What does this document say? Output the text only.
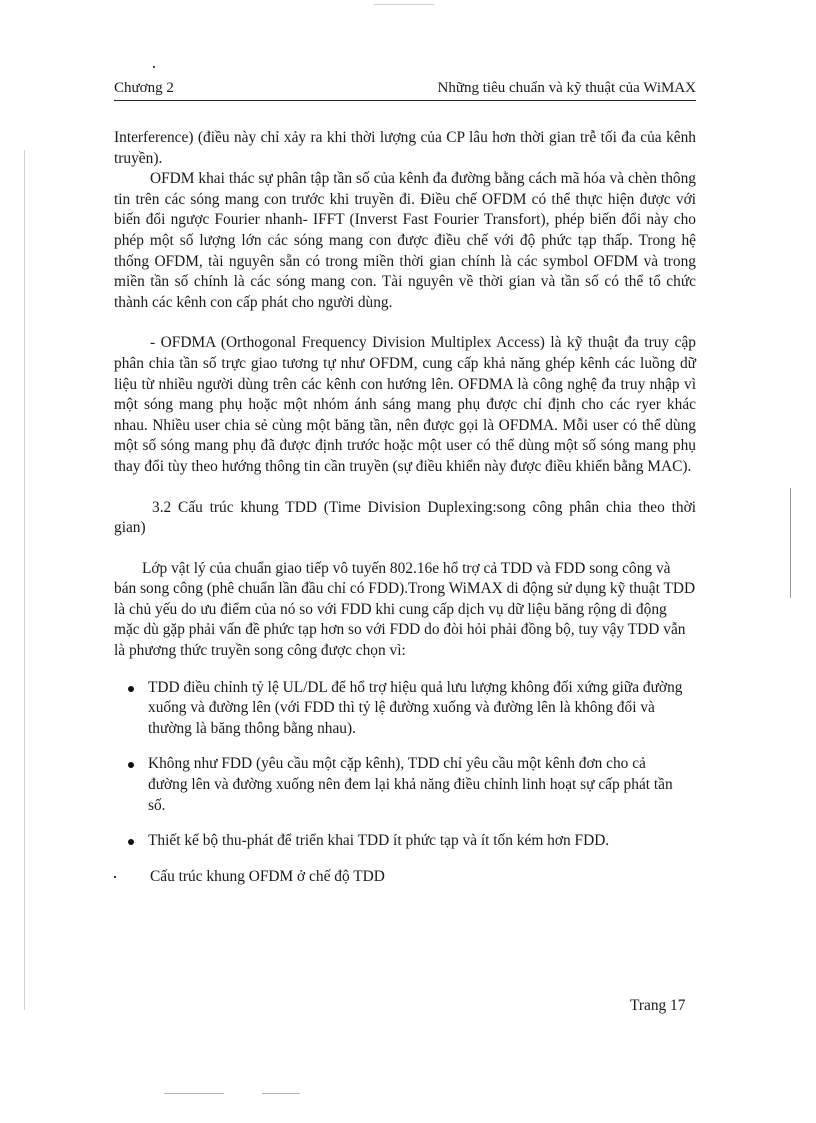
Chương 2	Những tiêu chuẩn và kỹ thuật của WiMAX

Interference) (điều này chỉ xảy ra khi thời lượng của CP lâu hơn thời gian trễ tối đa của kênh truyền).

OFDM khai thác sự phân tập tần số của kênh đa đường bằng cách mã hóa và chèn thông tin trên các sóng mang con trước khi truyền đi. Điều chế OFDM có thể thực hiện được với biến đổi ngược Fourier nhanh- IFFT (Inverst Fast Fourier Transfort), phép biến đổi này cho phép một số lượng lớn các sóng mang con được điều chế với độ phức tạp thấp. Trong hệ thống OFDM, tài nguyên sẵn có trong miền thời gian chính là các symbol OFDM và trong miền tần số chính là các sóng mang con. Tài nguyên về thời gian và tần số có thể tổ chức thành các kênh con cấp phát cho người dùng.

- OFDMA (Orthogonal Frequency Division Multiplex Access) là kỹ thuật đa truy cập phân chia tần số trực giao tương tự như OFDM, cung cấp khả năng ghép kênh các luồng dữ liệu từ nhiều người dùng trên các kênh con hướng lên. OFDMA là công nghệ đa truy nhập vì một sóng mang phụ hoặc một nhóm ánh sáng mang phụ được chỉ định cho các ryer khác nhau. Nhiều user chia sẻ cùng một băng tần, nên được gọi là OFDMA. Mỗi user có thể dùng một số sóng mang phụ đã được định trước hoặc một user có thể dùng một số sóng mang phụ thay đổi tùy theo hướng thông tin cần truyền (sự điều khiển này được điều khiển bằng MAC).

3.2 Cấu trúc khung TDD (Time Division Duplexing:song công phân chia theo thời gian)

Lớp vật lý của chuẩn giao tiếp vô tuyến 802.16e hổ trợ cả TDD và FDD song công và bán song công (phê chuẩn lần đầu chỉ có FDD).Trong WiMAX di động sử dụng kỹ thuật TDD là chủ yếu do ưu điểm của nó so với FDD khi cung cấp dịch vụ dữ liệu băng rộng di động mặc dù gặp phải vấn đề phức tạp hơn so với FDD do đòi hỏi phải đồng bộ, tuy vậy TDD vẫn là phương thức truyền song công được chọn vì:

TDD điều chỉnh tỷ lệ UL/DL để hổ trợ hiệu quả lưu lượng không đối xứng giữa đường xuống và đường lên (với FDD thì tỷ lệ đường xuống và đường lên là không đổi và thường là băng thông bằng nhau).
Không như FDD (yêu cầu một cặp kênh), TDD chỉ yêu cầu một kênh đơn cho cả đường lên và đường xuống nên đem lại khả năng điều chỉnh linh hoạt sự cấp phát tần số.
Thiết kế bộ thu-phát để triển khai TDD ít phức tạp và ít tốn kém hơn FDD.

Cấu trúc khung OFDM ở chế độ TDD

Trang 17
